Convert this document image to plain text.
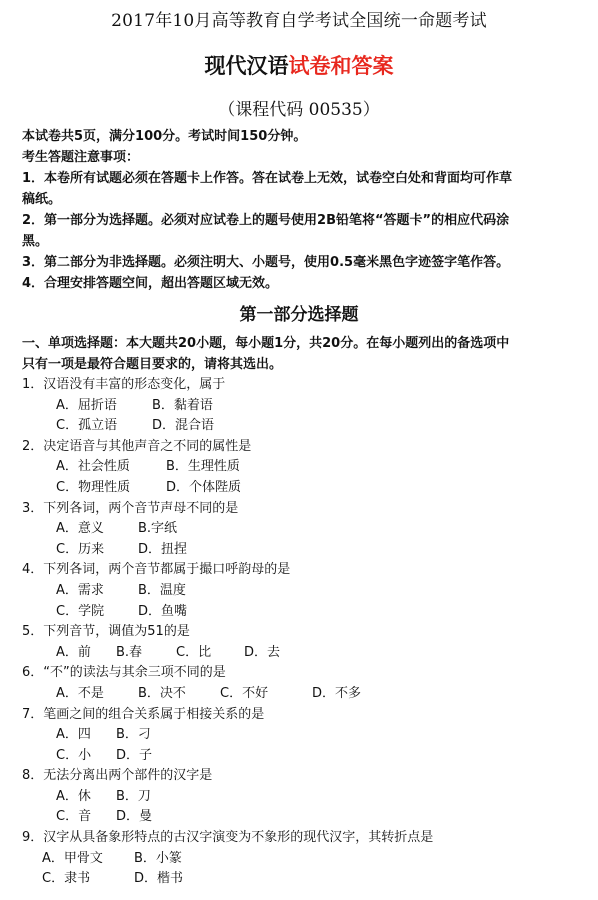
2017年10月高等教育自学考试全国统一命题考试
现代汉语试卷和答案
（课程代码 00535）
本试卷共5页，满分100分。考试时间150分钟。
考生答题注意事项：
1．本卷所有试题必须在答题卡上作答。答在试卷上无效，试卷空白处和背面均可作草
稿纸。
2．第一部分为选择题。必须对应试卷上的题号使用2B铅笔将“答题卡”的相应代码涂
黑。
3．第二部分为非选择题。必须注明大、小题号，使用0.5毫米黑色字迹签字笔作答。
4．合理安排答题空间，超出答题区域无效。
第一部分选择题
一、单项选择题：本大题共20小题，每小题1分，共20分。在每小题列出的备选项中
只有一项是最符合题目要求的，请将其选出。
1．汉语没有丰富的形态变化，属于
A．屈折语	B．黏着语
C．孤立语	D．混合语
2．决定语音与其他声音之不同的属性是
A．社会性质	B．生理性质
C．物理性质	D．个体陛质
3．下列各词，两个音节声母不同的是
A．意义	B.字纸
C．历来	D．扭捏
4．下列各词，两个音节都属于撮口呼韵母的是
A．需求	B．温度
C．学院	D．鱼嘴
5．下列音节，调值为51的是
A．前 B.春	C．比	D．去
6．“不”的读法与其余三项不同的是
A．不是	B．决不	C．不好	D．不多
7．笔画之间的组合关系属于相接关系的是
A．四 B．刁
C．小 D．子
8．无法分离出两个部件的汉字是
A．休 B．刀
C．音 D．曼
9．汉字从具备象形特点的古汉字演变为不象形的现代汉字，其转折点是
A．甲骨文 B．小篆
C．隶书	D．楷书
